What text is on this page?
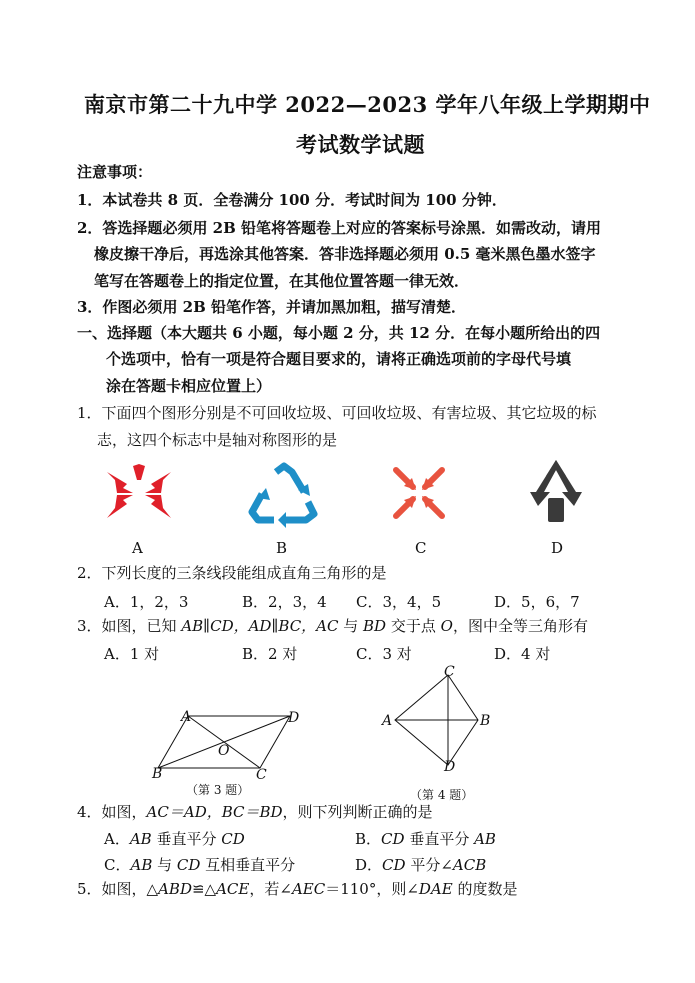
南京市第二十九中学 2022—2023 学年八年级上学期期中
考试数学试题
注意事项：
1．本试卷共 8 页．全卷满分 100 分．考试时间为 100 分钟．
2．答选择题必须用 2B 铅笔将答题卷上对应的答案标号涂黑．如需改动，请用
橡皮擦干净后，再选涂其他答案．答非选择题必须用 0.5 毫米黑色墨水签字
笔写在答题卷上的指定位置，在其他位置答题一律无效．
3．作图必须用 2B 铅笔作答，并请加黑加粗，描写清楚．
一、选择题（本大题共 6 小题，每小题 2 分，共 12 分．在每小题所给出的四
个选项中，恰有一项是符合题目要求的，请将正确选项前的字母代号填
涂在答题卡相应位置上）
1．下面四个图形分别是不可回收垃圾、可回收垃圾、有害垃圾、其它垃圾的标
志，这四个标志中是轴对称图形的是
A	B	C	D
2．下列长度的三条线段能组成直角三角形的是
A．1，2，3	B．2，3，4 C．3，4，5	D．5，6，7
3．如图，已知 AB∥CD，AD∥BC，AC 与 BD 交于点 O，图中全等三角形有
A．1 对	B．2 对	C．3 对	D．4 对
A	D
O
B	C
（第 3 题）
C
A	B
D
（第 4 题）
4．如图，AC＝AD，BC＝BD，则下列判断正确的是
A．AB 垂直平分 CD	B．CD 垂直平分 AB
C．AB 与 CD 互相垂直平分	D．CD 平分∠ACB
5．如图，△ABD≌△ACE，若∠AEC＝110°，则∠DAE 的度数是
